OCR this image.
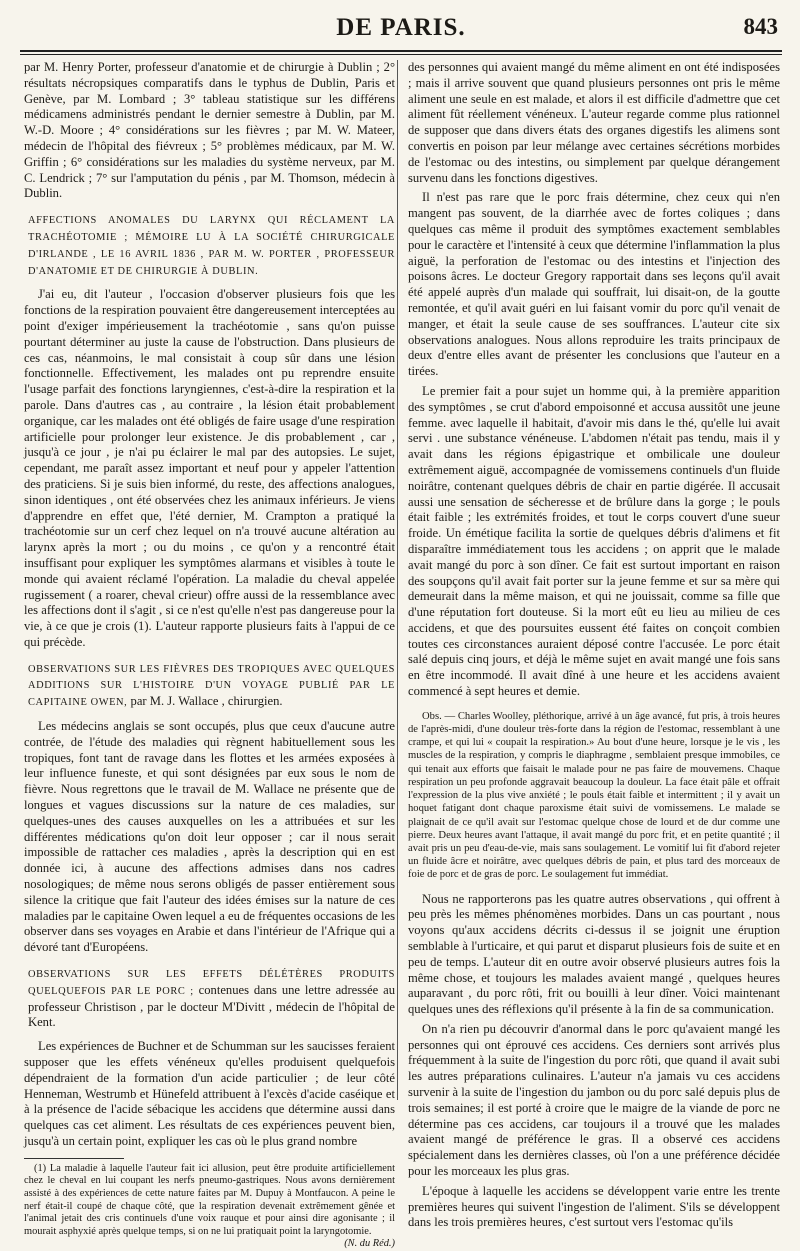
DE PARIS.	843

par M. Henry Porter, professeur d'anatomie et de chirurgie à Dublin ; 2° résultats nécropsiques comparatifs dans le typhus de Dublin, Paris et Genève, par M. Lombard ; 3° tableau statistique sur les différens médicamens administrés pendant le dernier semestre à Dublin, par M. W.-D. Moore ; 4° considérations sur les fièvres ; par M. W. Mateer, médecin de l'hôpital des fiévreux ; 5° problèmes médicaux, par M. W. Griffin ; 6° considérations sur les maladies du système nerveux, par M. C. Lendrick ; 7° sur l'amputation du pénis , par M. Thomson, médecin à Dublin.

AFFECTIONS ANOMALES DU LARYNX QUI RÉCLAMENT LA TRACHÉOTOMIE ; MÉMOIRE LU À LA SOCIÉTÉ CHIRURGICALE D'IRLANDE , LE 16 AVRIL 1836 , PAR M. W. PORTER , PROFESSEUR D'ANATOMIE ET DE CHIRURGIE À DUBLIN.

J'ai eu, dit l'auteur , l'occasion d'observer plusieurs fois que les fonctions de la respiration pouvaient être dangereusement interceptées au point d'exiger impérieusement la trachéotomie , sans qu'on puisse pourtant déterminer au juste la cause de l'obstruction. Dans plusieurs de ces cas, néanmoins, le mal consistait à coup sûr dans une lésion fonctionnelle. Effectivement, les malades ont pu reprendre ensuite l'usage parfait des fonctions laryngiennes, c'est-à-dire la respiration et la parole. Dans d'autres cas , au contraire , la lésion était probablement organique, car les malades ont été obligés de faire usage d'une respiration artificielle pour prolonger leur existence. Je dis probablement , car , jusqu'à ce jour , je n'ai pu éclairer le mal par des autopsies. Le sujet, cependant, me paraît assez important et neuf pour y appeler l'attention des praticiens. Si je suis bien informé, du reste, des affections analogues, sinon identiques , ont été observées chez les animaux inférieurs. Je viens d'apprendre en effet que, l'été dernier, M. Crampton a pratiqué la trachéotomie sur un cerf chez lequel on n'a trouvé aucune altération au larynx après la mort ; ou du moins , ce qu'on y a rencontré était insuffisant pour expliquer les symptômes alarmans et visibles à toute le monde qui avaient réclamé l'opération. La maladie du cheval appelée rugissement ( a roarer, cheval crieur) offre aussi de la ressemblance avec les affections dont il s'agit , si ce n'est qu'elle n'est pas dangereuse pour la vie, à ce que je crois (1). L'auteur rapporte plusieurs faits à l'appui de ce qui précède.

OBSERVATIONS SUR LES FIÈVRES DES TROPIQUES AVEC QUELQUES ADDITIONS SUR L'HISTOIRE D'UN VOYAGE PUBLIÉ PAR LE CAPITAINE OWEN, par M. J. Wallace , chirurgien.

Les médecins anglais se sont occupés, plus que ceux d'aucune autre contrée, de l'étude des maladies qui règnent habituellement sous les tropiques, font tant de ravage dans les flottes et les armées exposées à leur influence funeste, et qui sont désignées par eux sous le nom de fièvre. Nous regrettons que le travail de M. Wallace ne présente que de longues et vagues discussions sur la nature de ces maladies, sur quelques-unes des causes auxquelles on les a attribuées et sur les différentes médications qu'on doit leur opposer ; car il nous serait impossible de rattacher ces maladies , après la description qui en est donnée ici, à aucune des affections admises dans nos cadres nosologiques; de même nous serons obligés de passer entièrement sous silence la critique que fait l'auteur des idées émises sur la nature de ces maladies par le capitaine Owen lequel a eu de fréquentes occasions de les observer dans ses voyages en Arabie et dans l'intérieur de l'Afrique qui a dévoré tant d'Européens.

OBSERVATIONS SUR LES EFFETS DÉLÉTÈRES PRODUITS QUELQUEFOIS PAR LE PORC ; contenues dans une lettre adressée au professeur Christison , par le docteur M'Divitt , médecin de l'hôpital de Kent.

Les expériences de Buchner et de Schumman sur les saucisses feraient supposer que les effets vénéneux qu'elles produisent quelquefois dépendraient de la formation d'un acide particulier ; de leur côté Henneman, Westrumb et Hünefeld attribuent à l'excès d'acide caséique et à la présence de l'acide sébacique les accidens que détermine aussi dans quelques cas cet aliment. Les résultats de ces expériences peuvent bien, jusqu'à un certain point, expliquer les cas où le plus grand nombre

(1) La maladie à laquelle l'auteur fait ici allusion, peut être produite artificiellement chez le cheval en lui coupant les nerfs pneumo-gastriques. Nous avons dernièrement assisté à des expériences de cette nature faites par M. Dupuy à Montfaucon. A peine le nerf était-il coupé de chaque côté, que la respiration devenait extrêmement gênée et l'animal jetait des cris continuels d'une voix rauque et pour ainsi dire agonisante ; il mourait asphyxié après quelque temps, si on ne lui pratiquait point la laryngotomie.
(N. du Réd.)

des personnes qui avaient mangé du même aliment en ont été indisposées ; mais il arrive souvent que quand plusieurs personnes ont pris le même aliment une seule en est malade, et alors il est difficile d'admettre que cet aliment fût réellement vénéneux. L'auteur regarde comme plus rationnel de supposer que dans divers états des organes digestifs les alimens sont convertis en poison par leur mélange avec certaines sécrétions morbides de l'estomac ou des intestins, ou simplement par quelque dérangement survenu dans les fonctions digestives.

Il n'est pas rare que le porc frais détermine, chez ceux qui n'en mangent pas souvent, de la diarrhée avec de fortes coliques ; dans quelques cas même il produit des symptômes exactement semblables pour le caractère et l'intensité à ceux que détermine l'inflammation la plus aiguë, la perforation de l'estomac ou des intestins et l'injection des poisons âcres. Le docteur Gregory rapportait dans ses leçons qu'il avait été appelé auprès d'un malade qui souffrait, lui disait-on, de la goutte remontée, et qu'il avait guéri en lui faisant vomir du porc qu'il venait de manger, et était la seule cause de ses souffrances. L'auteur cite six observations analogues. Nous allons reproduire les traits principaux de deux d'entre elles avant de présenter les conclusions que l'auteur en a tirées.

Le premier fait a pour sujet un homme qui, à la première apparition des symptômes , se crut d'abord empoisonné et accusa aussitôt une jeune femme. avec laquelle il habitait, d'avoir mis dans le thé, qu'elle lui avait servi . une substance vénéneuse. L'abdomen n'était pas tendu, mais il y avait dans les régions épigastrique et ombilicale une douleur extrêmement aiguë, accompagnée de vomissemens continuels d'un fluide noirâtre, contenant quelques débris de chair en partie digérée. Il accusait aussi une sensation de sécheresse et de brûlure dans la gorge ; le pouls était faible ; les extrémités froides, et tout le corps couvert d'une sueur froide. Un émétique facilita la sortie de quelques débris d'alimens et fit disparaître immédiatement tous les accidens ; on apprit que le malade avait mangé du porc à son dîner. Ce fait est surtout important en raison des soupçons qu'il avait fait porter sur la jeune femme et sur sa mère qui demeurait dans la même maison, et qui ne jouissait, comme sa fille que d'une réputation fort douteuse. Si la mort eût eu lieu au milieu de ces accidens, et que des poursuites eussent été faites on conçoit combien toutes ces circonstances auraient déposé contre l'accusée. Le porc était salé depuis cinq jours, et déjà le même sujet en avait mangé une fois sans en être incommodé. Il avait dîné à une heure et les accidens avaient commencé à sept heures et demie.

Obs. — Charles Woolley, pléthorique, arrivé à un âge avancé, fut pris, à trois heures de l'après-midi, d'une douleur très-forte dans la région de l'estomac, ressemblant à une crampe, et qui lui « coupait la respiration.» Au bout d'une heure, lorsque je le vis , les muscles de la respiration, y compris le diaphragme , semblaient presque immobiles, ce qui tenait aux efforts que faisait le malade pour ne pas faire de mouvemens. Chaque respiration un peu profonde aggravait beaucoup la douleur. La face était pâle et offrait l'expression de la plus vive anxiété ; le pouls était faible et intermittent ; il y avait un hoquet fatigant dont chaque paroxisme était suivi de vomissemens. Le malade se plaignait de ce qu'il avait sur l'estomac quelque chose de lourd et de dur comme une pierre. Deux heures avant l'attaque, il avait mangé du porc frit, et en petite quantité ; il avait pris un peu d'eau-de-vie, mais sans soulagement. Le vomitif lui fit d'abord rejeter un fluide âcre et noirâtre, avec quelques débris de pain, et plus tard des morceaux de foie de porc et de gras de porc. Le soulagement fut immédiat.

Nous ne rapporterons pas les quatre autres observations , qui offrent à peu près les mêmes phénomènes morbides. Dans un cas pourtant , nous voyons qu'aux accidens décrits ci-dessus il se joignit une éruption semblable à l'urticaire, et qui parut et disparut plusieurs fois de suite et en peu de temps. L'auteur dit en outre avoir observé plusieurs autres fois la même chose, et toujours les malades avaient mangé , quelques heures auparavant , du porc rôti, frit ou bouilli à leur dîner. Voici maintenant quelques unes des réflexions qu'il présente à la fin de sa communication.

On n'a rien pu découvrir d'anormal dans le porc qu'avaient mangé les personnes qui ont éprouvé ces accidens. Ces derniers sont arrivés plus fréquemment à la suite de l'ingestion du porc rôti, que quand il avait subi les autres préparations culinaires. L'auteur n'a jamais vu ces accidens survenir à la suite de l'ingestion du jambon ou du porc salé depuis plus de trois semaines; il est porté à croire que le maigre de la viande de porc ne détermine pas ces accidens, car toujours il a trouvé que les malades avaient mangé de préférence le gras. Il a observé ces accidens spécialement dans les dernières classes, où l'on a une préférence décidée pour les morceaux les plus gras.

L'époque à laquelle les accidens se développent varie entre les trente premières heures qui suivent l'ingestion de l'aliment. S'ils se développent dans les trois premières heures, c'est surtout vers l'estomac qu'ils
